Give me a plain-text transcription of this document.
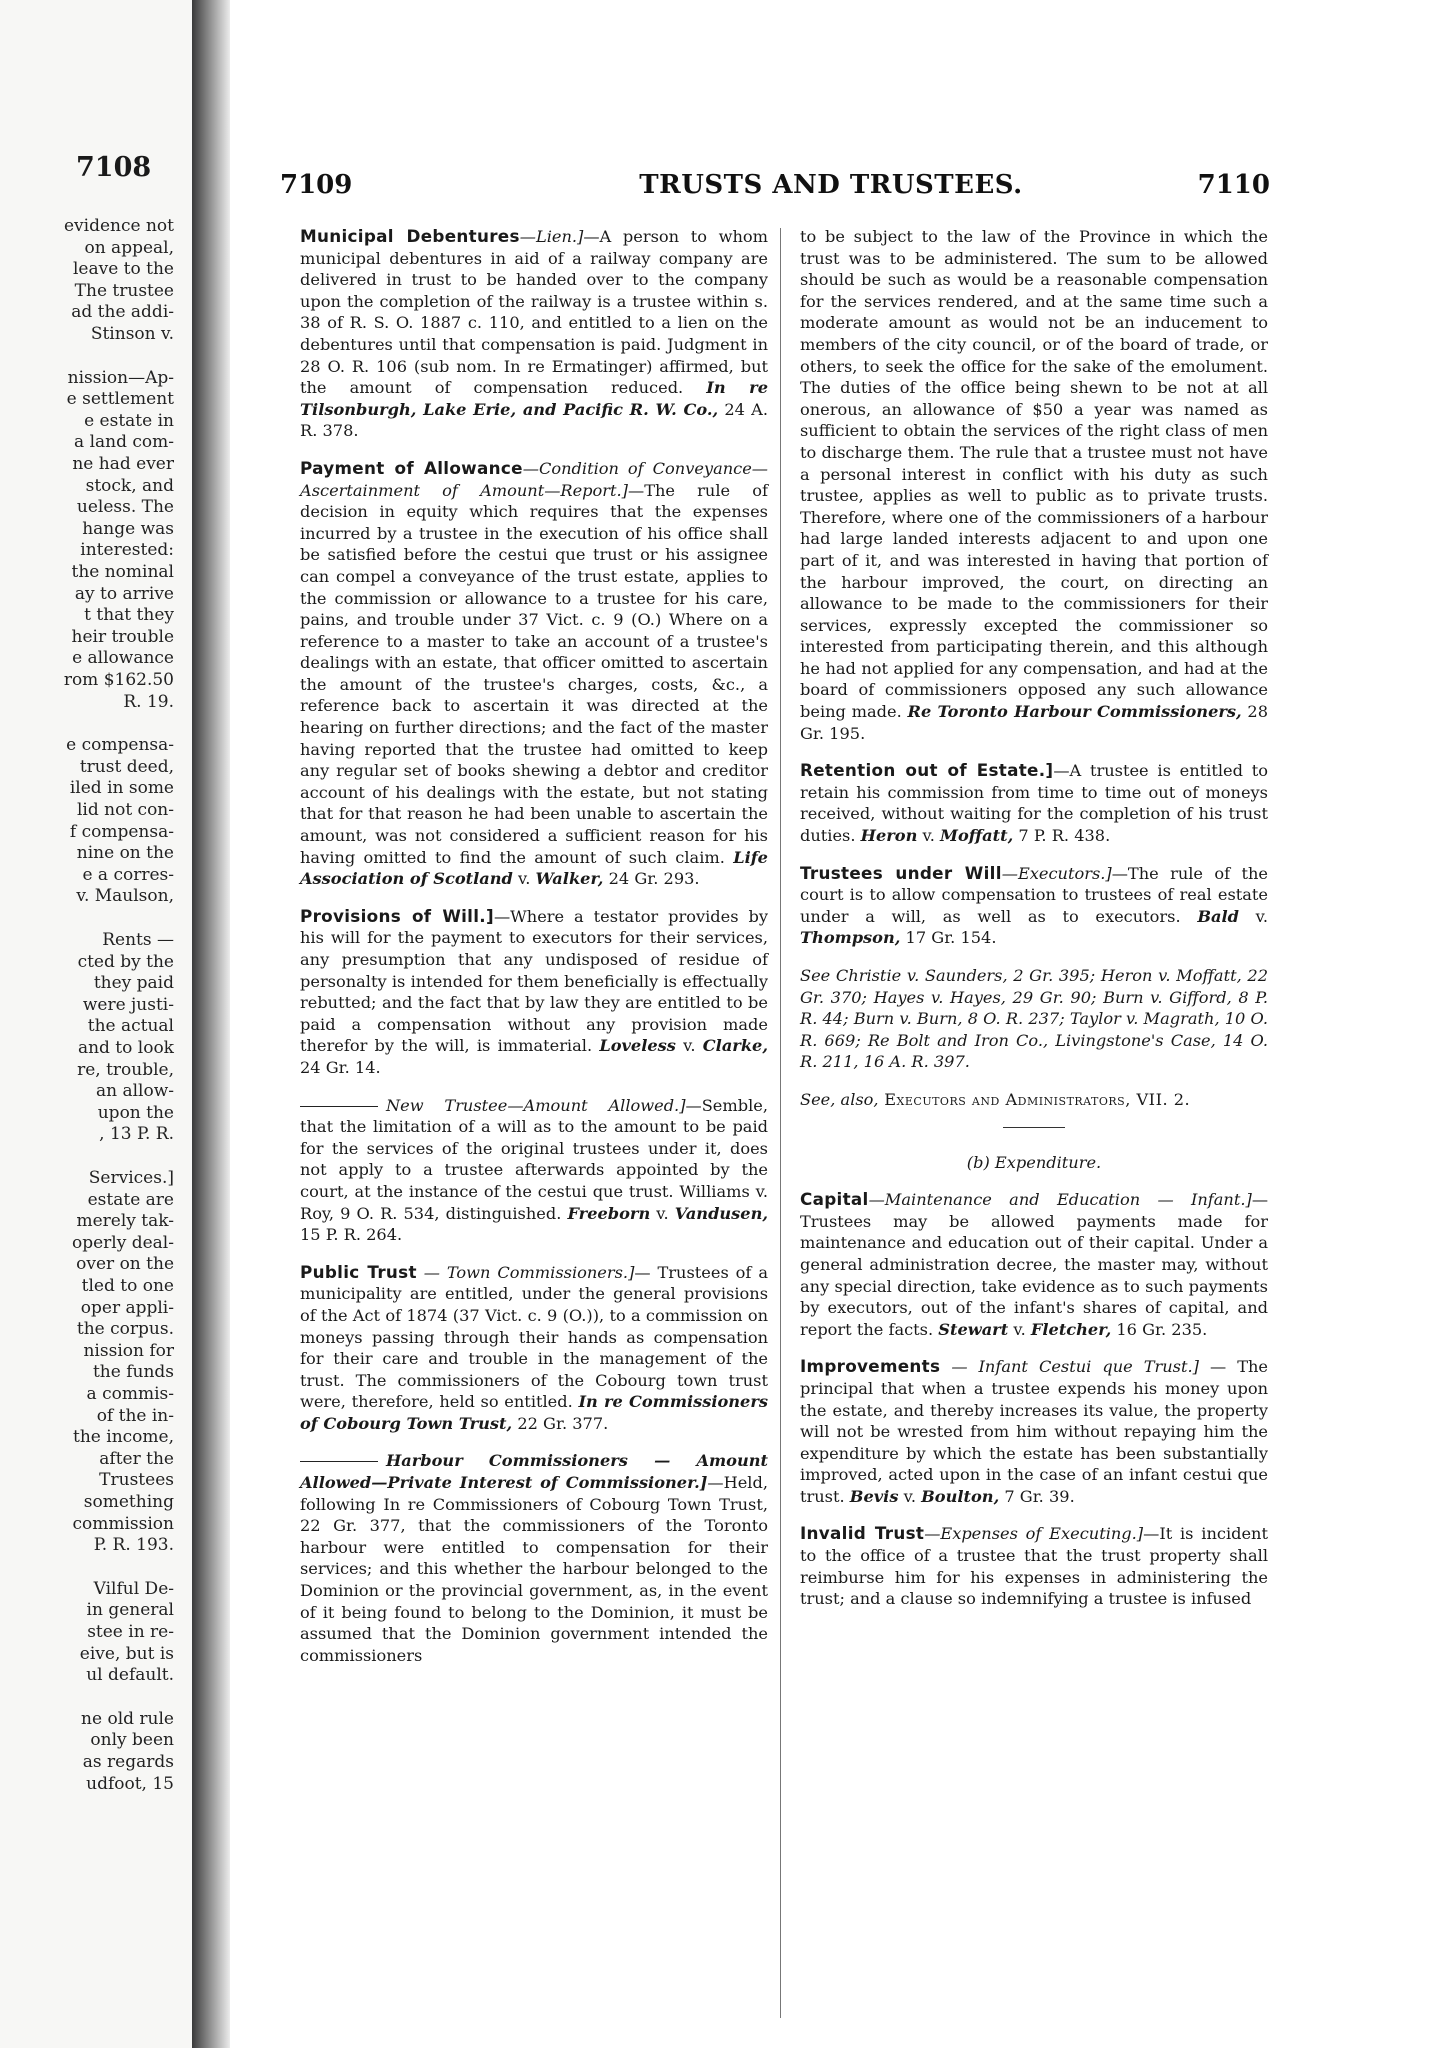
7108
evidence not
on appeal,
leave to the
The trustee
ad the addi-
Stinson v.
nission—Ap-
e settlement
e estate in
a land com-
ne had ever
stock, and
ueless. The
hange was
interested:
the nominal
ay to arrive
t that they
heir trouble
e allowance
rom $162.50
R. 19.
e compensa-
trust deed,
iled in some
lid not con-
f compensa-
nine on the
e a corres-
v. Maulson,
Rents —
cted by the
they paid
were justi-
the actual
and to look
re, trouble,
an allow-
upon the
, 13 P. R.
Services.]
estate are
merely tak-
operly deal-
over on the
tled to one
oper appli-
the corpus.
nission for
the funds
a commis-
of the in-
the income,
after the
Trustees
something
commission
P. R. 193.
Vilful De-
in general
stee in re-
eive, but is
ul default.
ne old rule
only been
as regards
udfoot, 15
7109	TRUSTS AND TRUSTEES.	7110

Municipal Debentures—Lien.]—A person to whom municipal debentures in aid of a railway company are delivered in trust to be handed over to the company upon the completion of the railway is a trustee within s. 38 of R. S. O. 1887 c. 110, and entitled to a lien on the debentures until that compensation is paid. Judgment in 28 O. R. 106 (sub nom. In re Ermatinger) affirmed, but the amount of compensation reduced. In re Tilsonburgh, Lake Erie, and Pacific R. W. Co., 24 A. R. 378.

Payment of Allowance—Condition of Conveyance—Ascertainment of Amount—Report.]—The rule of decision in equity which requires that the expenses incurred by a trustee in the execution of his office shall be satisfied before the cestui que trust or his assignee can compel a conveyance of the trust estate, applies to the commission or allowance to a trustee for his care, pains, and trouble under 37 Vict. c. 9 (O.) Where on a reference to a master to take an account of a trustee's dealings with an estate, that officer omitted to ascertain the amount of the trustee's charges, costs, &c., a reference back to ascertain it was directed at the hearing on further directions; and the fact of the master having reported that the trustee had omitted to keep any regular set of books shewing a debtor and creditor account of his dealings with the estate, but not stating that for that reason he had been unable to ascertain the amount, was not considered a sufficient reason for his having omitted to find the amount of such claim. Life Association of Scotland v. Walker, 24 Gr. 293.

Provisions of Will.]—Where a testator provides by his will for the payment to executors for their services, any presumption that any undisposed of residue of personalty is intended for them beneficially is effectually rebutted; and the fact that by law they are entitled to be paid a compensation without any provision made therefor by the will, is immaterial. Loveless v. Clarke, 24 Gr. 14.

New Trustee—Amount Allowed.]—Semble, that the limitation of a will as to the amount to be paid for the services of the original trustees under it, does not apply to a trustee afterwards appointed by the court, at the instance of the cestui que trust. Williams v. Roy, 9 O. R. 534, distinguished. Freeborn v. Vandusen, 15 P. R. 264.

Public Trust — Town Commissioners.]— Trustees of a municipality are entitled, under the general provisions of the Act of 1874 (37 Vict. c. 9 (O.)), to a commission on moneys passing through their hands as compensation for their care and trouble in the management of the trust. The commissioners of the Cobourg town trust were, therefore, held so entitled. In re Commissioners of Cobourg Town Trust, 22 Gr. 377.

Harbour Commissioners — Amount Allowed—Private Interest of Commissioner.]—Held, following In re Commissioners of Cobourg Town Trust, 22 Gr. 377, that the commissioners of the Toronto harbour were entitled to compensation for their services; and this whether the harbour belonged to the Dominion or the provincial government, as, in the event of it being found to belong to the Dominion, it must be assumed that the Dominion government intended the commissioners

to be subject to the law of the Province in which the trust was to be administered. The sum to be allowed should be such as would be a reasonable compensation for the services rendered, and at the same time such a moderate amount as would not be an inducement to members of the city council, or of the board of trade, or others, to seek the office for the sake of the emolument. The duties of the office being shewn to be not at all onerous, an allowance of $50 a year was named as sufficient to obtain the services of the right class of men to discharge them. The rule that a trustee must not have a personal interest in conflict with his duty as such trustee, applies as well to public as to private trusts. Therefore, where one of the commissioners of a harbour had large landed interests adjacent to and upon one part of it, and was interested in having that portion of the harbour improved, the court, on directing an allowance to be made to the commissioners for their services, expressly excepted the commissioner so interested from participating therein, and this although he had not applied for any compensation, and had at the board of commissioners opposed any such allowance being made. Re Toronto Harbour Commissioners, 28 Gr. 195.

Retention out of Estate.]—A trustee is entitled to retain his commission from time to time out of moneys received, without waiting for the completion of his trust duties. Heron v. Moffatt, 7 P. R. 438.

Trustees under Will—Executors.]—The rule of the court is to allow compensation to trustees of real estate under a will, as well as to executors. Bald v. Thompson, 17 Gr. 154.

See Christie v. Saunders, 2 Gr. 395; Heron v. Moffatt, 22 Gr. 370; Hayes v. Hayes, 29 Gr. 90; Burn v. Gifford, 8 P. R. 44; Burn v. Burn, 8 O. R. 237; Taylor v. Magrath, 10 O. R. 669; Re Bolt and Iron Co., Livingstone's Case, 14 O. R. 211, 16 A. R. 397.

See, also, Executors and Administrators, VII. 2.

(b) Expenditure.

Capital—Maintenance and Education — Infant.]—Trustees may be allowed payments made for maintenance and education out of their capital. Under a general administration decree, the master may, without any special direction, take evidence as to such payments by executors, out of the infant's shares of capital, and report the facts. Stewart v. Fletcher, 16 Gr. 235.

Improvements — Infant Cestui que Trust.] — The principal that when a trustee expends his money upon the estate, and thereby increases its value, the property will not be wrested from him without repaying him the expenditure by which the estate has been substantially improved, acted upon in the case of an infant cestui que trust. Bevis v. Boulton, 7 Gr. 39.

Invalid Trust—Expenses of Executing.]—It is incident to the office of a trustee that the trust property shall reimburse him for his expenses in administering the trust; and a clause so indemnifying a trustee is infused
